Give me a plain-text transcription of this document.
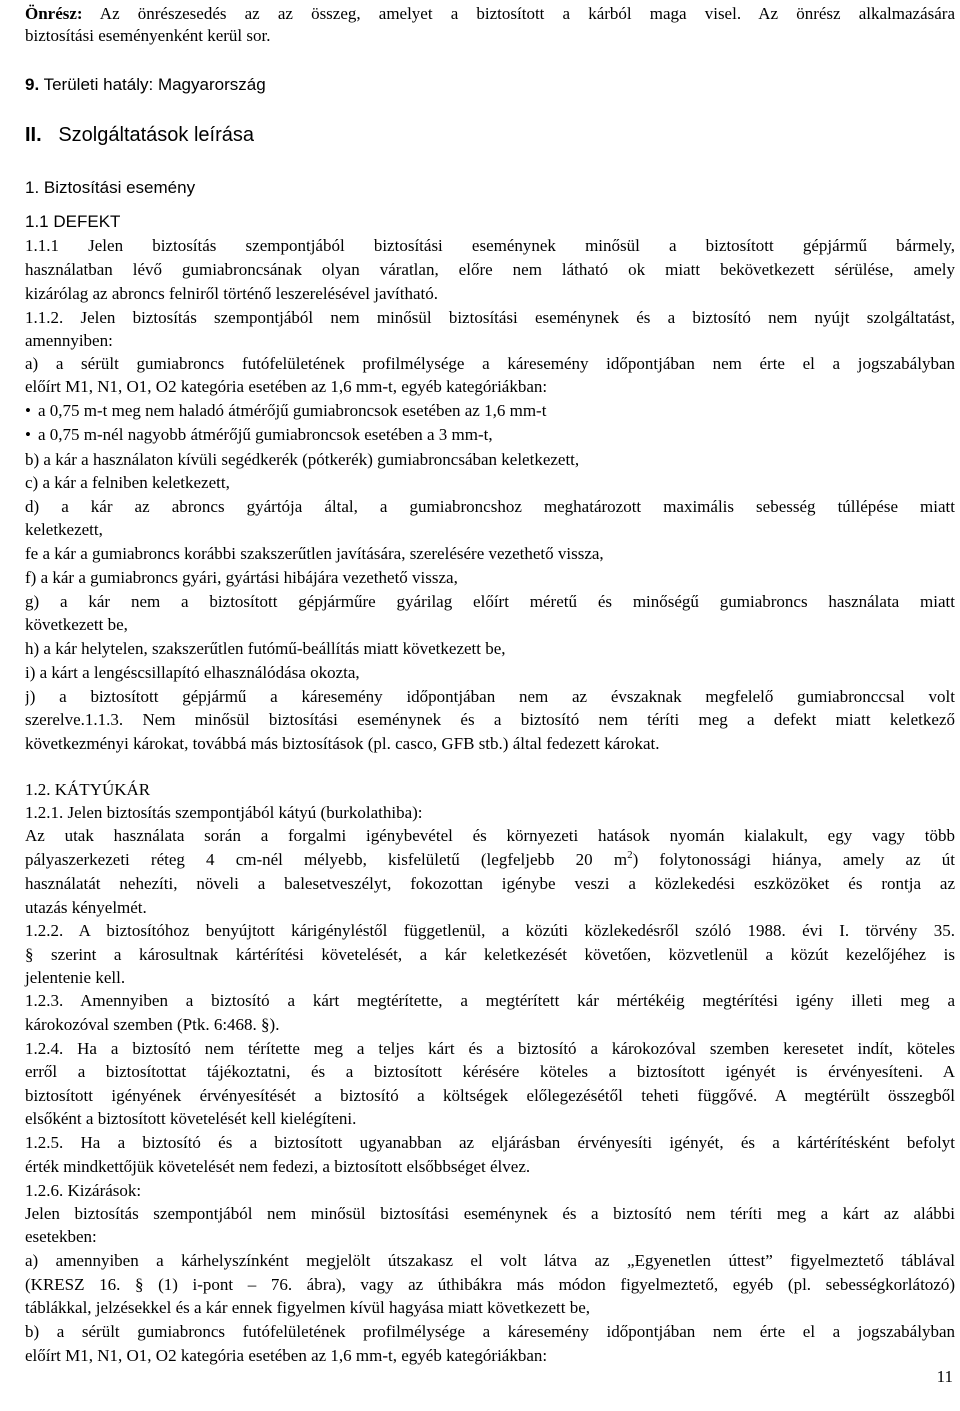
11
Önrész: Az önrészesedés az az összeg, amelyet a biztosított a kárból maga visel. Az önrész alkalmazására
biztosítási eseményenként kerül sor.
9. Területi hatály: Magyarország
II.   Szolgáltatások leírása
1. Biztosítási esemény
1.1 DEFEKT
1.1.1 Jelen biztosítás szempontjából biztosítási eseménynek minősül a biztosított gépjármű bármely,
használatban lévő gumiabroncsának olyan váratlan, előre nem látható ok miatt bekövetkezett sérülése, amely
kizárólag az abroncs felniről történő leszerelésével javítható.
1.1.2. Jelen biztosítás szempontjából nem minősül biztosítási eseménynek és a biztosító nem nyújt szolgáltatást,
amennyiben:
a) a sérült gumiabroncs futófelületének profilmélysége a káresemény időpontjában nem érte el a jogszabályban
előírt M1, N1, O1, O2 kategória esetében az 1,6 mm-t, egyéb kategóriákban:
• a 0,75 m-t meg nem haladó átmérőjű gumiabroncsok esetében az 1,6 mm-t
• a 0,75 m-nél nagyobb átmérőjű gumiabroncsok esetében a 3 mm-t,
b) a kár a használaton kívüli segédkerék (pótkerék) gumiabroncsában keletkezett,
c) a kár a felniben keletkezett,
d) a kár az abroncs gyártója által, a gumiabroncshoz meghatározott maximális sebesség túllépése miatt
keletkezett,
fe a kár a gumiabroncs korábbi szakszerűtlen javítására, szerelésére vezethető vissza,
f) a kár a gumiabroncs gyári, gyártási hibájára vezethető vissza,
g) a kár nem a biztosított gépjárműre gyárilag előírt méretű és minőségű gumiabroncs használata miatt
következett be,
h) a kár helytelen, szakszerűtlen futómű-beállítás miatt következett be,
i) a kárt a lengéscsillapító elhasználódása okozta,
j) a biztosított gépjármű a káresemény időpontjában nem az évszaknak megfelelő gumiabronccsal volt
szerelve.1.1.3. Nem minősül biztosítási eseménynek és a biztosító nem téríti meg a defekt miatt keletkező
következményi károkat, továbbá más biztosítások (pl. casco, GFB stb.) által fedezett károkat.
1.2. KÁTYÚKÁR
1.2.1. Jelen biztosítás szempontjából kátyú (burkolathiba):
Az utak használata során a forgalmi igénybevétel és környezeti hatások nyomán kialakult, egy vagy több
pályaszerkezeti réteg 4 cm-nél mélyebb, kisfelületű (legfeljebb 20 $m^2$) folytonossági hiánya, amely az út
használatát nehezíti, növeli a balesetveszélyt, fokozottan igénybe veszi a közlekedési eszközöket és rontja az
utazás kényelmét.
1.2.2. A biztosítóhoz benyújtott kárigényléstől függetlenül, a közúti közlekedésről szóló 1988. évi I. törvény 35.
§ szerint a károsultnak kártérítési követelését, a kár keletkezését követően, közvetlenül a közút kezelőjéhez is
jelentenie kell.
1.2.3. Amennyiben a biztosító a kárt megtérítette, a megtérített kár mértékéig megtérítési igény illeti meg a
károkozóval szemben (Ptk. 6:468. §).
1.2.4. Ha a biztosító nem térítette meg a teljes kárt és a biztosító a károkozóval szemben keresetet indít, köteles
erről a biztosítottat tájékoztatni, és a biztosított kérésére köteles a biztosított igényét is érvényesíteni. A
biztosított igényének érvényesítését a biztosító a költségek előlegezésétől teheti függővé. A megtérült összegből
elsőként a biztosított követelését kell kielégíteni.
1.2.5. Ha a biztosító és a biztosított ugyanabban az eljárásban érvényesíti igényét, és a kártérítésként befolyt
érték mindkettőjük követelését nem fedezi, a biztosított elsőbbséget élvez.
1.2.6. Kizárások:
Jelen biztosítás szempontjából nem minősül biztosítási eseménynek és a biztosító nem téríti meg a kárt az alábbi
esetekben:
a) amennyiben a kárhelyszínként megjelölt útszakasz el volt látva az „Egyenetlen úttest” figyelmeztető táblával
(KRESZ 16. § (1) i-pont – 76. ábra), vagy az úthibákra más módon figyelmeztető, egyéb (pl. sebességkorlátozó)
táblákkal, jelzésekkel és a kár ennek figyelmen kívül hagyása miatt következett be,
b) a sérült gumiabroncs futófelületének profilmélysége a káresemény időpontjában nem érte el a jogszabályban
előírt M1, N1, O1, O2 kategória esetében az 1,6 mm-t, egyéb kategóriákban:
